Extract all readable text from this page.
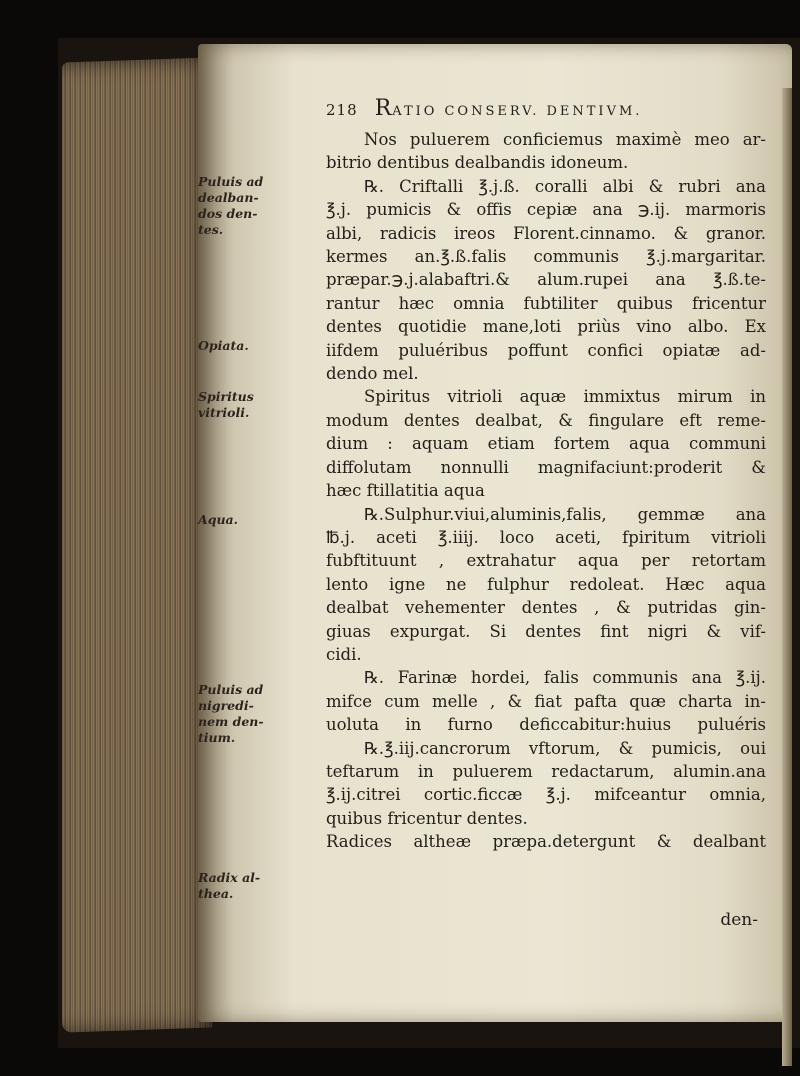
218 RATIO CONSERV. DENTIVM.
Puluis ad
dealban-
dos den-
tes.
Opiata.
Spiritus
vitrioli.
Aqua.
Puluis ad
nigredi-
nem den-
tium.
Radix al-
thea.
Nos puluerem conficiemus maximè meo ar-
bitrio dentibus dealbandis idoneum.
℞. Criftalli ℥.j.ß. coralli albi & rubri ana
℥.j. pumicis & offis cepiæ ana ℈.ij. marmoris
albi, radicis ireos Florent.cinnamo. & granor.
kermes an.℥.ß.falis communis ℥.j.margaritar.
præpar.℈.j.alabaftri.& alum.rupei ana ℥.ß.te-
rantur hæc omnia fubtiliter quibus fricentur
dentes quotidie mane,loti priùs vino albo. Ex
iifdem puluéribus poffunt confici opiatæ ad-
dendo mel.
Spiritus vitrioli aquæ immixtus mirum in
modum dentes dealbat, & fingulare eft reme-
dium : aquam etiam fortem aqua communi
diffolutam nonnulli magnifaciunt:proderit &
hæc ftillatitia aqua
℞.Sulphur.viui,aluminis,falis, gemmæ ana
℔.j. aceti ℥.iiij. loco aceti, fpiritum vitrioli
fubftituunt , extrahatur aqua per retortam
lento igne ne fulphur redoleat. Hæc aqua
dealbat vehementer dentes , & putridas gin-
giuas expurgat. Si dentes fint nigri & vif-
cidi.
℞. Farinæ hordei, falis communis ana ℥.ij.
mifce cum melle , & fiat pafta quæ charta in-
uoluta in furno deficcabitur:huius puluéris
℞.℥.iij.cancrorum vftorum, & pumicis, oui
teftarum in puluerem redactarum, alumin.ana
℥.ij.citrei cortic.ficcæ ℥.j. mifceantur omnia,
quibus fricentur dentes.
Radices altheæ præpa.detergunt & dealbant
den-
